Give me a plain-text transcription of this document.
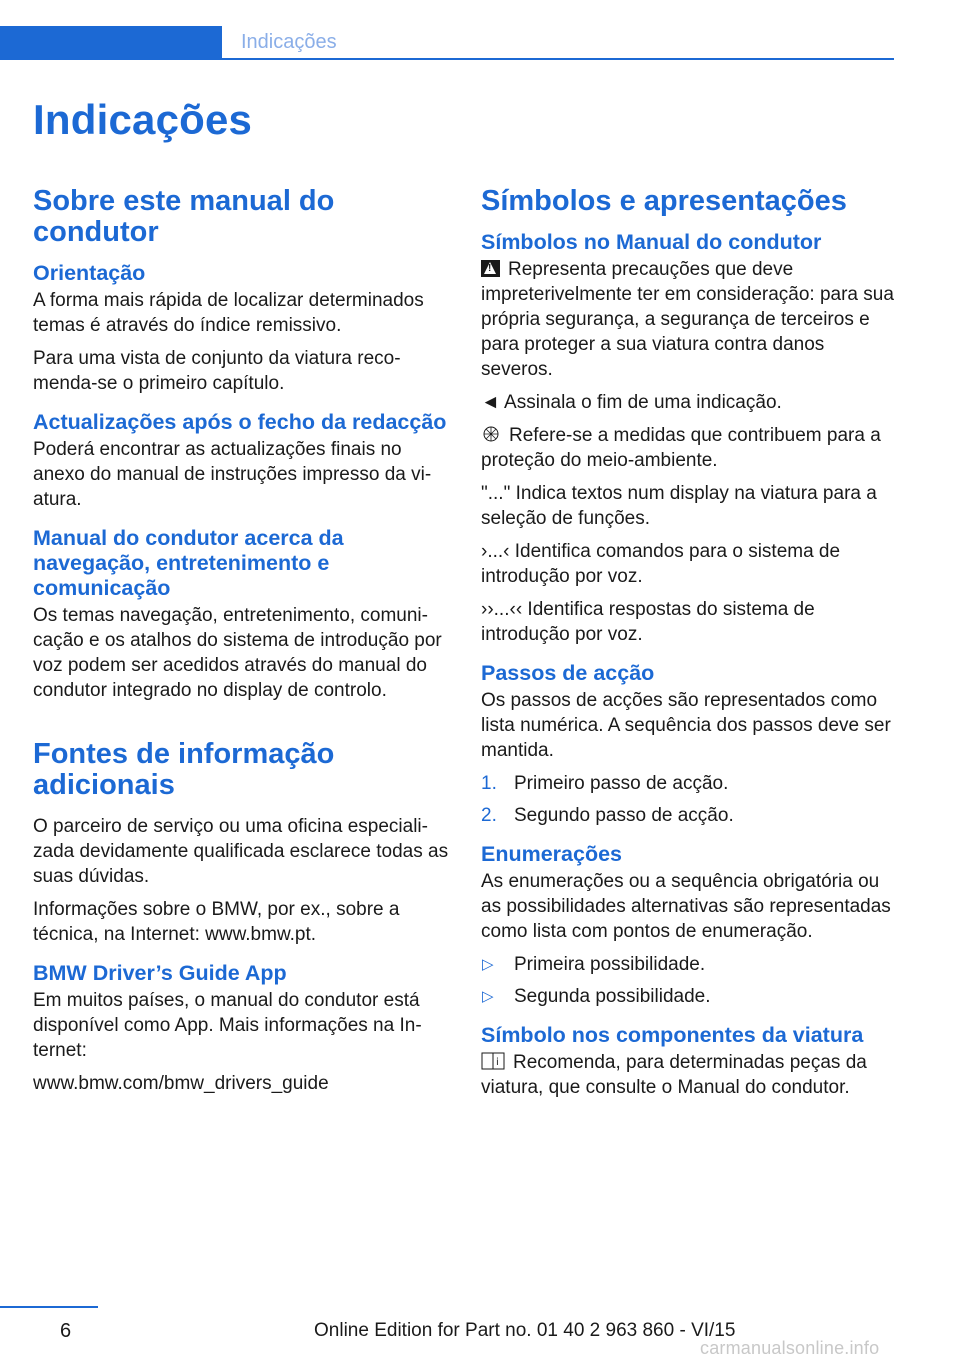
Indicações
Indicações
Sobre este manual do condutor
Orientação
A forma mais rápida de localizar determinados temas é através do índice remissivo.
Para uma vista de conjunto da viatura recomenda-se o primeiro capítulo.
Actualizações após o fecho da redacção
Poderá encontrar as actualizações finais no anexo do manual de instruções impresso da viatura.
Manual do condutor acerca da navegação, entretenimento e comunicação
Os temas navegação, entretenimento, comunicação e os atalhos do sistema de introdução por voz podem ser acedidos através do manual do condutor integrado no display de controlo.
Fontes de informação adicionais
O parceiro de serviço ou uma oficina especializada devidamente qualificada esclarece todas as suas dúvidas.
Informações sobre o BMW, por ex., sobre a técnica, na Internet: www.bmw.pt.
BMW Driver’s Guide App
Em muitos países, o manual do condutor está disponível como App. Mais informações na Internet:
www.bmw.com/bmw_drivers_guide
Símbolos e apresentações
Símbolos no Manual do condutor
!Representa precauções que deve impreterivelmente ter em consideração: para sua própria segurança, a segurança de terceiros e para proteger a sua viatura contra danos severos.
◄ Assinala o fim de uma indicação.
Refere-se a medidas que contribuem para a proteção do meio-ambiente.
"..." Indica textos num display na viatura para a seleção de funções.
›...‹ Identifica comandos para o sistema de introdução por voz.
››...‹‹ Identifica respostas do sistema de introdução por voz.
Passos de acção
Os passos de acções são representados como lista numérica. A sequência dos passos deve ser mantida.
1. Primeiro passo de acção.
2. Segundo passo de acção.
Enumerações
As enumerações ou a sequência obrigatória ou as possibilidades alternativas são representadas como lista com pontos de enumeração.
▷ Primeira possibilidade.
▷ Segunda possibilidade.
Símbolo nos componentes da viatura
i Recomenda, para determinadas peças da viatura, que consulte o Manual do condutor.
6	Online Edition for Part no. 01 40 2 963 860 - VI/15
carmanualsonline.info
